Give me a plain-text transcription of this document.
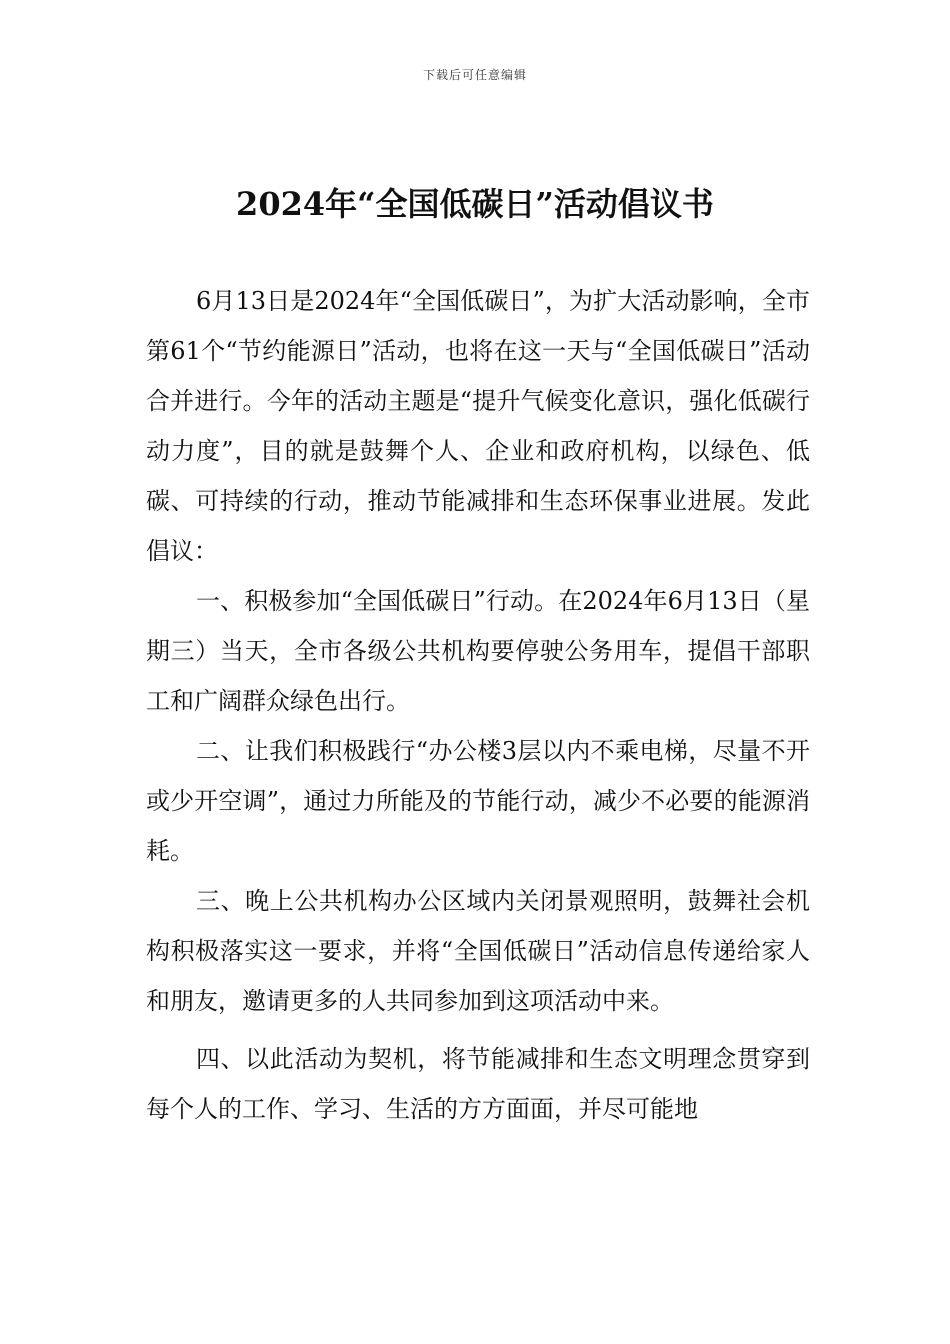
下载后可任意编辑
2024年“全国低碳日”活动倡议书

6月13日是2024年“全国低碳日”，为扩大活动影响，全市第61个“节约能源日”活动，也将在这一天与“全国低碳日”活动合并进行。今年的活动主题是“提升气候变化意识，强化低碳行动力度”，目的就是鼓舞个人、企业和政府机构，以绿色、低碳、可持续的行动，推动节能减排和生态环保事业进展。发此倡议：

一、积极参加“全国低碳日”行动。在2024年6月13日（星期三）当天，全市各级公共机构要停驶公务用车，提倡干部职工和广阔群众绿色出行。

二、让我们积极践行“办公楼3层以内不乘电梯，尽量不开或少开空调”，通过力所能及的节能行动，减少不必要的能源消耗。

三、晚上公共机构办公区域内关闭景观照明，鼓舞社会机构积极落实这一要求，并将“全国低碳日”活动信息传递给家人和朋友，邀请更多的人共同参加到这项活动中来。

四、以此活动为契机，将节能减排和生态文明理念贯穿到每个人的工作、学习、生活的方方面面，并尽可能地
